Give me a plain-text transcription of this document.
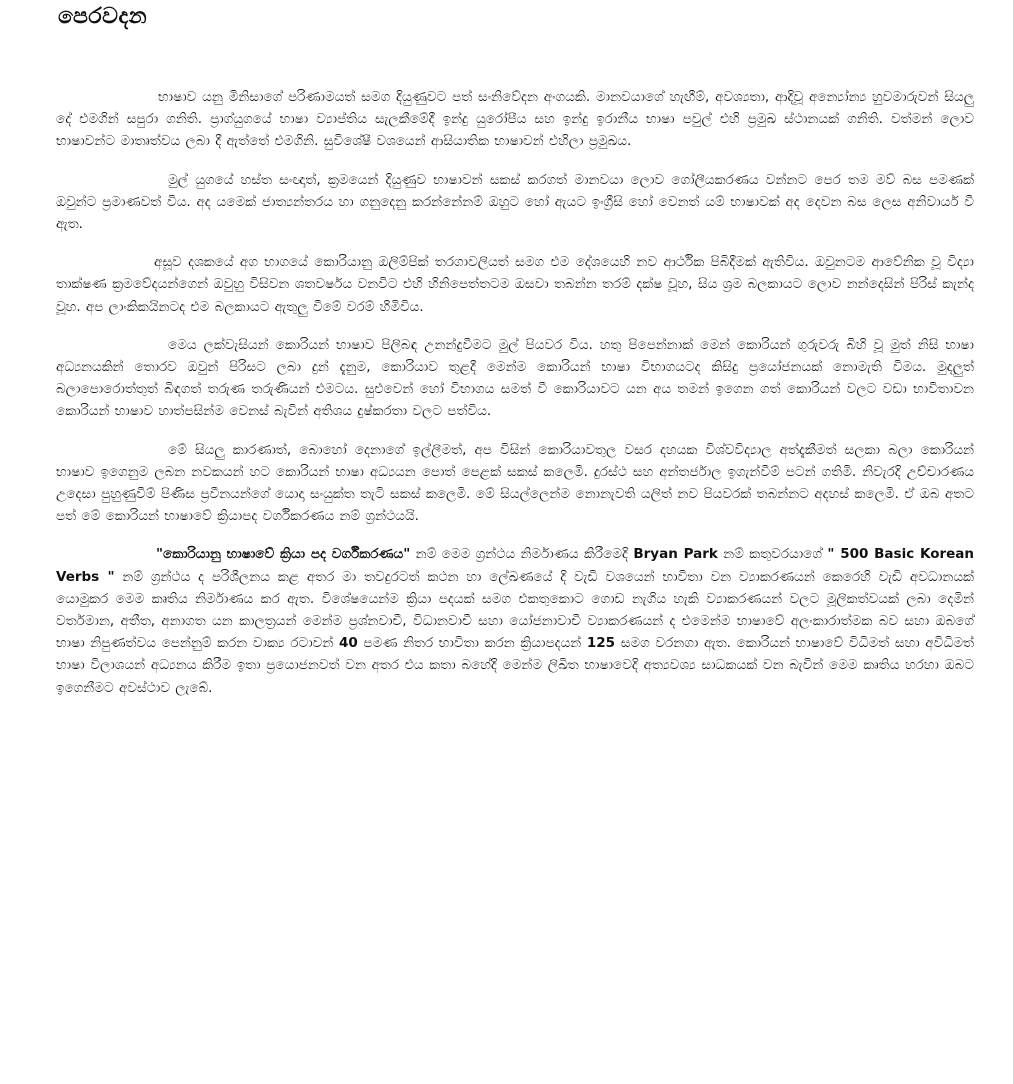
පෙරවදන

භාෂාව යනු මිනිසාගේ පරිණාමයත් සමග දියුණුවට පත් සංනිවේදන අංගයකි. මානවයාගේ හැඟීම්, අවශ්‍යතා, ආදිවූ අන්‍යෝන්‍ය හුවමාරුවන් සියලු දේ එමගින් සපුරා ගනිති. ප්‍රාග්යුගයේ භාෂා ව්‍යාප්තිය සැලකීමේදී ඉන්දු යුරෝපීය සහ ඉන්දු ඉරානීය භාෂා පවුල් එහි ප්‍රමුඛ ස්ථානයක් ගනිති. වත්මන් ලොව භාෂාවන්ට මාතෘත්වය ලබා දී ඇත්තේ එමගිනි. සුවිශේෂී වශයෙන් ආසියාතික භාෂාවන් එහිලා ප්‍රමුඛය.

මුල් යුගයේ හස්ත සංඥාත්, ක්‍රමයෙන් දියුණුව භාෂාවන් සකස් කරගත් මානවයා ලොව ගෝලීයකරණය වන්නට පෙර තම මව් බස පමණක් ඔවුන්ට ප්‍රමාණවත් විය. අද යමෙක් ජාත්‍යන්තරය හා ගනුදෙනු කරන්නේනම් ඔහුට හෝ ඇයට ඉංග්‍රීසි හෝ වෙනත් යම් භාෂාවක් අද දෙවන බස ලෙස අනිවාර්ය වී ඇත.

අසූව දශකයේ අග භාගයේ කොරියානු ඔලිම්පික් තරගාවලියත් සමග එම දේශයෙහි නව ආර්ථික පිබිදීමක් ඇතිවිය. ඔවුනටම ආවේනික වූ විද්‍යා තාක්ෂණ ක්‍රමවේදයන්ගෙන් ඔවුහු විසිවන ශතවර්ෂය වනවිට එහි හිනිපෙත්තටම ඔසවා තබන්න තරම් දක්ෂ වූහ, සිය ශ්‍රම බලකායට ලොව නන්දෙසින් පිරිස් කැන්ද වූහ. අප ලාංකිකයිනටද එම බලකායට ඇතුලු වීමේ වරම් හිමිවිය.

මෙය ලක්වැසියන් කොරියන් භාෂාව පිලිබඳ උනන්දුවීමට මුල් පියවර විය. හතු පිපෙන්නාක් මෙන් කොරියන් ගුරුවරු බිහි වූ මුත් නිසි භාෂා අධ්‍යනයකින් තොරව ඔවුන් පිරිසට ලබා දුන් දැනුම, කොරියාව තුළදී මෙන්ම කොරියන් භාෂා විභාගයටද කිසිදු ප්‍රයෝජනයක් නොමැති විමය. මුදලුත් බලාපොරොත්තුත් බිඳගත් තරුණ තරුණියන් එමටය. සුළුවෙන් හෝ විභාගය සමත් වී කොරියාවට යන අය තමන් ඉගෙන ගත් කොරියන් වලට වඩා භාවිතාවන කොරියන් භාෂාව හාත්පසින්ම වෙනස් බැවින් අතිශය දුෂ්කරතා වලට පත්විය.

මේ සියලු කාරණාත්, බොහෝ දෙනාගේ ඉල්ලීමත්, අප විසින් කොරියාවතුල වසර දහයක විශ්වවිද්‍යාල අත්දැකීමත් සලකා බලා කොරියන් භාෂාව ඉගෙනුම ලබන නවකයන් හට කොරියන් භාෂා අධ්‍යයන පොත් පෙළක් සකස් කලෙමි. දුරස්ථ සහ අන්තර්ජාල ඉගැන්වීම් පටන් ගතිමි. නිවැරදි උච්චාරණය උදෙසා පුහුණුවීම් පිණිස ප්‍රවීනයන්ගේ යොදා සංයුක්ත තැටි සකස් කලෙමි. මේ සියල්ලෙන්ම නොනැවති යලිත් නව පියවරක් තබන්නට අදහස් කලෙමි. ඒ ඔබ අතට පත් මේ කොරියන් භාෂාවේ ක්‍රියාපද වර්ගීකරණය නම් ග්‍රන්ථයයි.

"කොරියානු භාෂාවේ ක්‍රියා පද වර්ගීකරණය" නම් මෙම ග්‍රන්ථය නිර්මාණය කිරීමෙදි Bryan Park නම් කතුවරයාගේ " 500 Basic Korean Verbs " නම් ග්‍රන්ථය ද පරිශීලනය කළ අතර මා තවදුරටත් කථන හා ලේඛණයේ දි වැඩි වශයෙන් භාවිතා වන ව්‍යාකරණයන් කෙරෙහි වැඩි අවධානයක් යොමුකර මෙම කෘතිය නිර්මාණය කර ඇත. විශේෂයෙන්ම ක්‍රියා පදයක් සමග එකතුකොට ගොඩ නැගිය හැකි ව්‍යාකරණයන් වලට මූලිකත්වයක් ලබා දෙමින් වර්තමාන, අතීත, අනාගත යන කාලත්‍රයන් මෙන්ම ප්‍රශ්නවාචී, විධානවාචී සහා යෝජනාවාචී ව්‍යාකරණයන් ද එමෙන්ම භාෂාවේ අලංකාරාත්මක බව සහා ඔබගේ භාෂා නිපුණත්වය පෙන්නුම් කරන වාක්‍ය රටාවන් 40 පමණ නිතර භාවිතා කරන ක්‍රියාපදයන් 125 සමග වරනගා ඇත. කොරියන් භාෂාවේ විධිමත් සහා අවිධිමත් භාෂා විලාශයන් අධ්‍යනය කිරීම ඉතා ප්‍රයොජනවත් වන අතර එය කතා බහේදි මෙන්ම ලිඛිත භාෂාවෙදි අත්‍යවශ්‍ය සාධකයක් වන බැවින් මෙම කෘතිය හරහා ඔබට ඉගෙනීමට අවස්ථාව ලැබේ.
